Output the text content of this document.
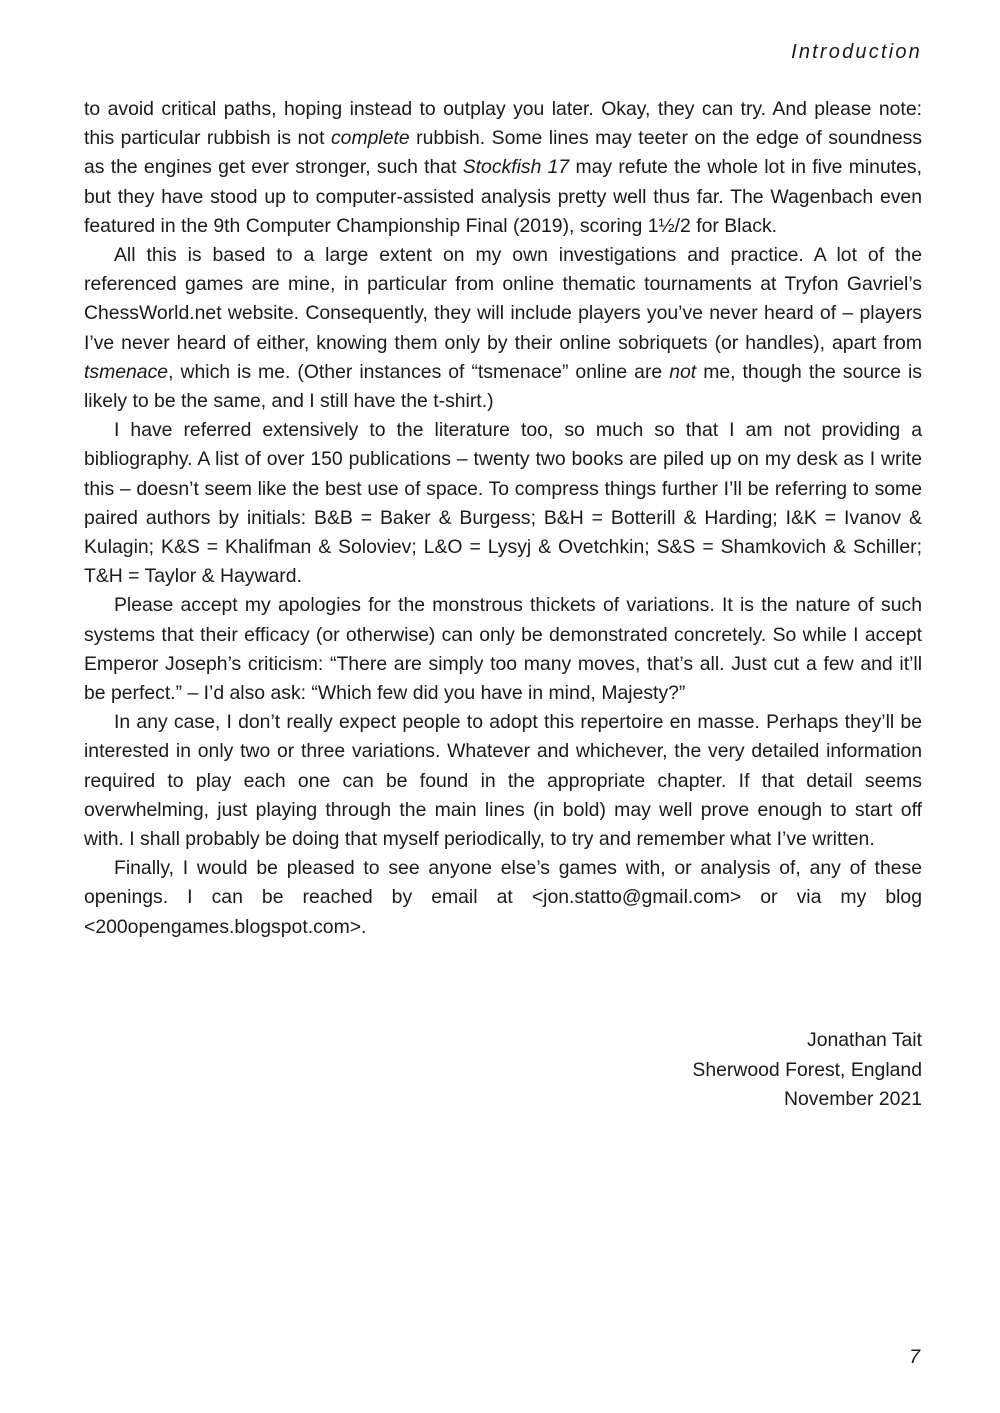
Introduction

to avoid critical paths, hoping instead to outplay you later. Okay, they can try. And please note: this particular rubbish is not complete rubbish. Some lines may teeter on the edge of soundness as the engines get ever stronger, such that Stockfish 17 may refute the whole lot in five minutes, but they have stood up to computer-assisted analysis pretty well thus far. The Wagenbach even featured in the 9th Computer Championship Final (2019), scoring 1½/2 for Black.

All this is based to a large extent on my own investigations and practice. A lot of the referenced games are mine, in particular from online thematic tournaments at Tryfon Gavriel’s ChessWorld.net website. Consequently, they will include players you’ve never heard of – players I’ve never heard of either, knowing them only by their online sobriquets (or handles), apart from tsmenace, which is me. (Other instances of “tsmenace” online are not me, though the source is likely to be the same, and I still have the t-shirt.)

I have referred extensively to the literature too, so much so that I am not providing a bibliography. A list of over 150 publications – twenty two books are piled up on my desk as I write this – doesn’t seem like the best use of space. To compress things further I’ll be referring to some paired authors by initials: B&B = Baker & Burgess; B&H = Botterill & Harding; I&K = Ivanov & Kulagin; K&S = Khalifman & Soloviev; L&O = Lysyj & Ovetchkin; S&S = Shamkovich & Schiller; T&H = Taylor & Hayward.

Please accept my apologies for the monstrous thickets of variations. It is the nature of such systems that their efficacy (or otherwise) can only be demonstrated concretely. So while I accept Emperor Joseph’s criticism: “There are simply too many moves, that’s all. Just cut a few and it’ll be perfect.” – I’d also ask: “Which few did you have in mind, Majesty?”

In any case, I don’t really expect people to adopt this repertoire en masse. Perhaps they’ll be interested in only two or three variations. Whatever and whichever, the very detailed information required to play each one can be found in the appropriate chapter. If that detail seems overwhelming, just playing through the main lines (in bold) may well prove enough to start off with. I shall probably be doing that myself periodically, to try and remember what I’ve written.

Finally, I would be pleased to see anyone else’s games with, or analysis of, any of these openings. I can be reached by email at <jon.statto@gmail.com> or via my blog <200opengames.blogspot.com>.

Jonathan Tait
Sherwood Forest, England
November 2021
7
